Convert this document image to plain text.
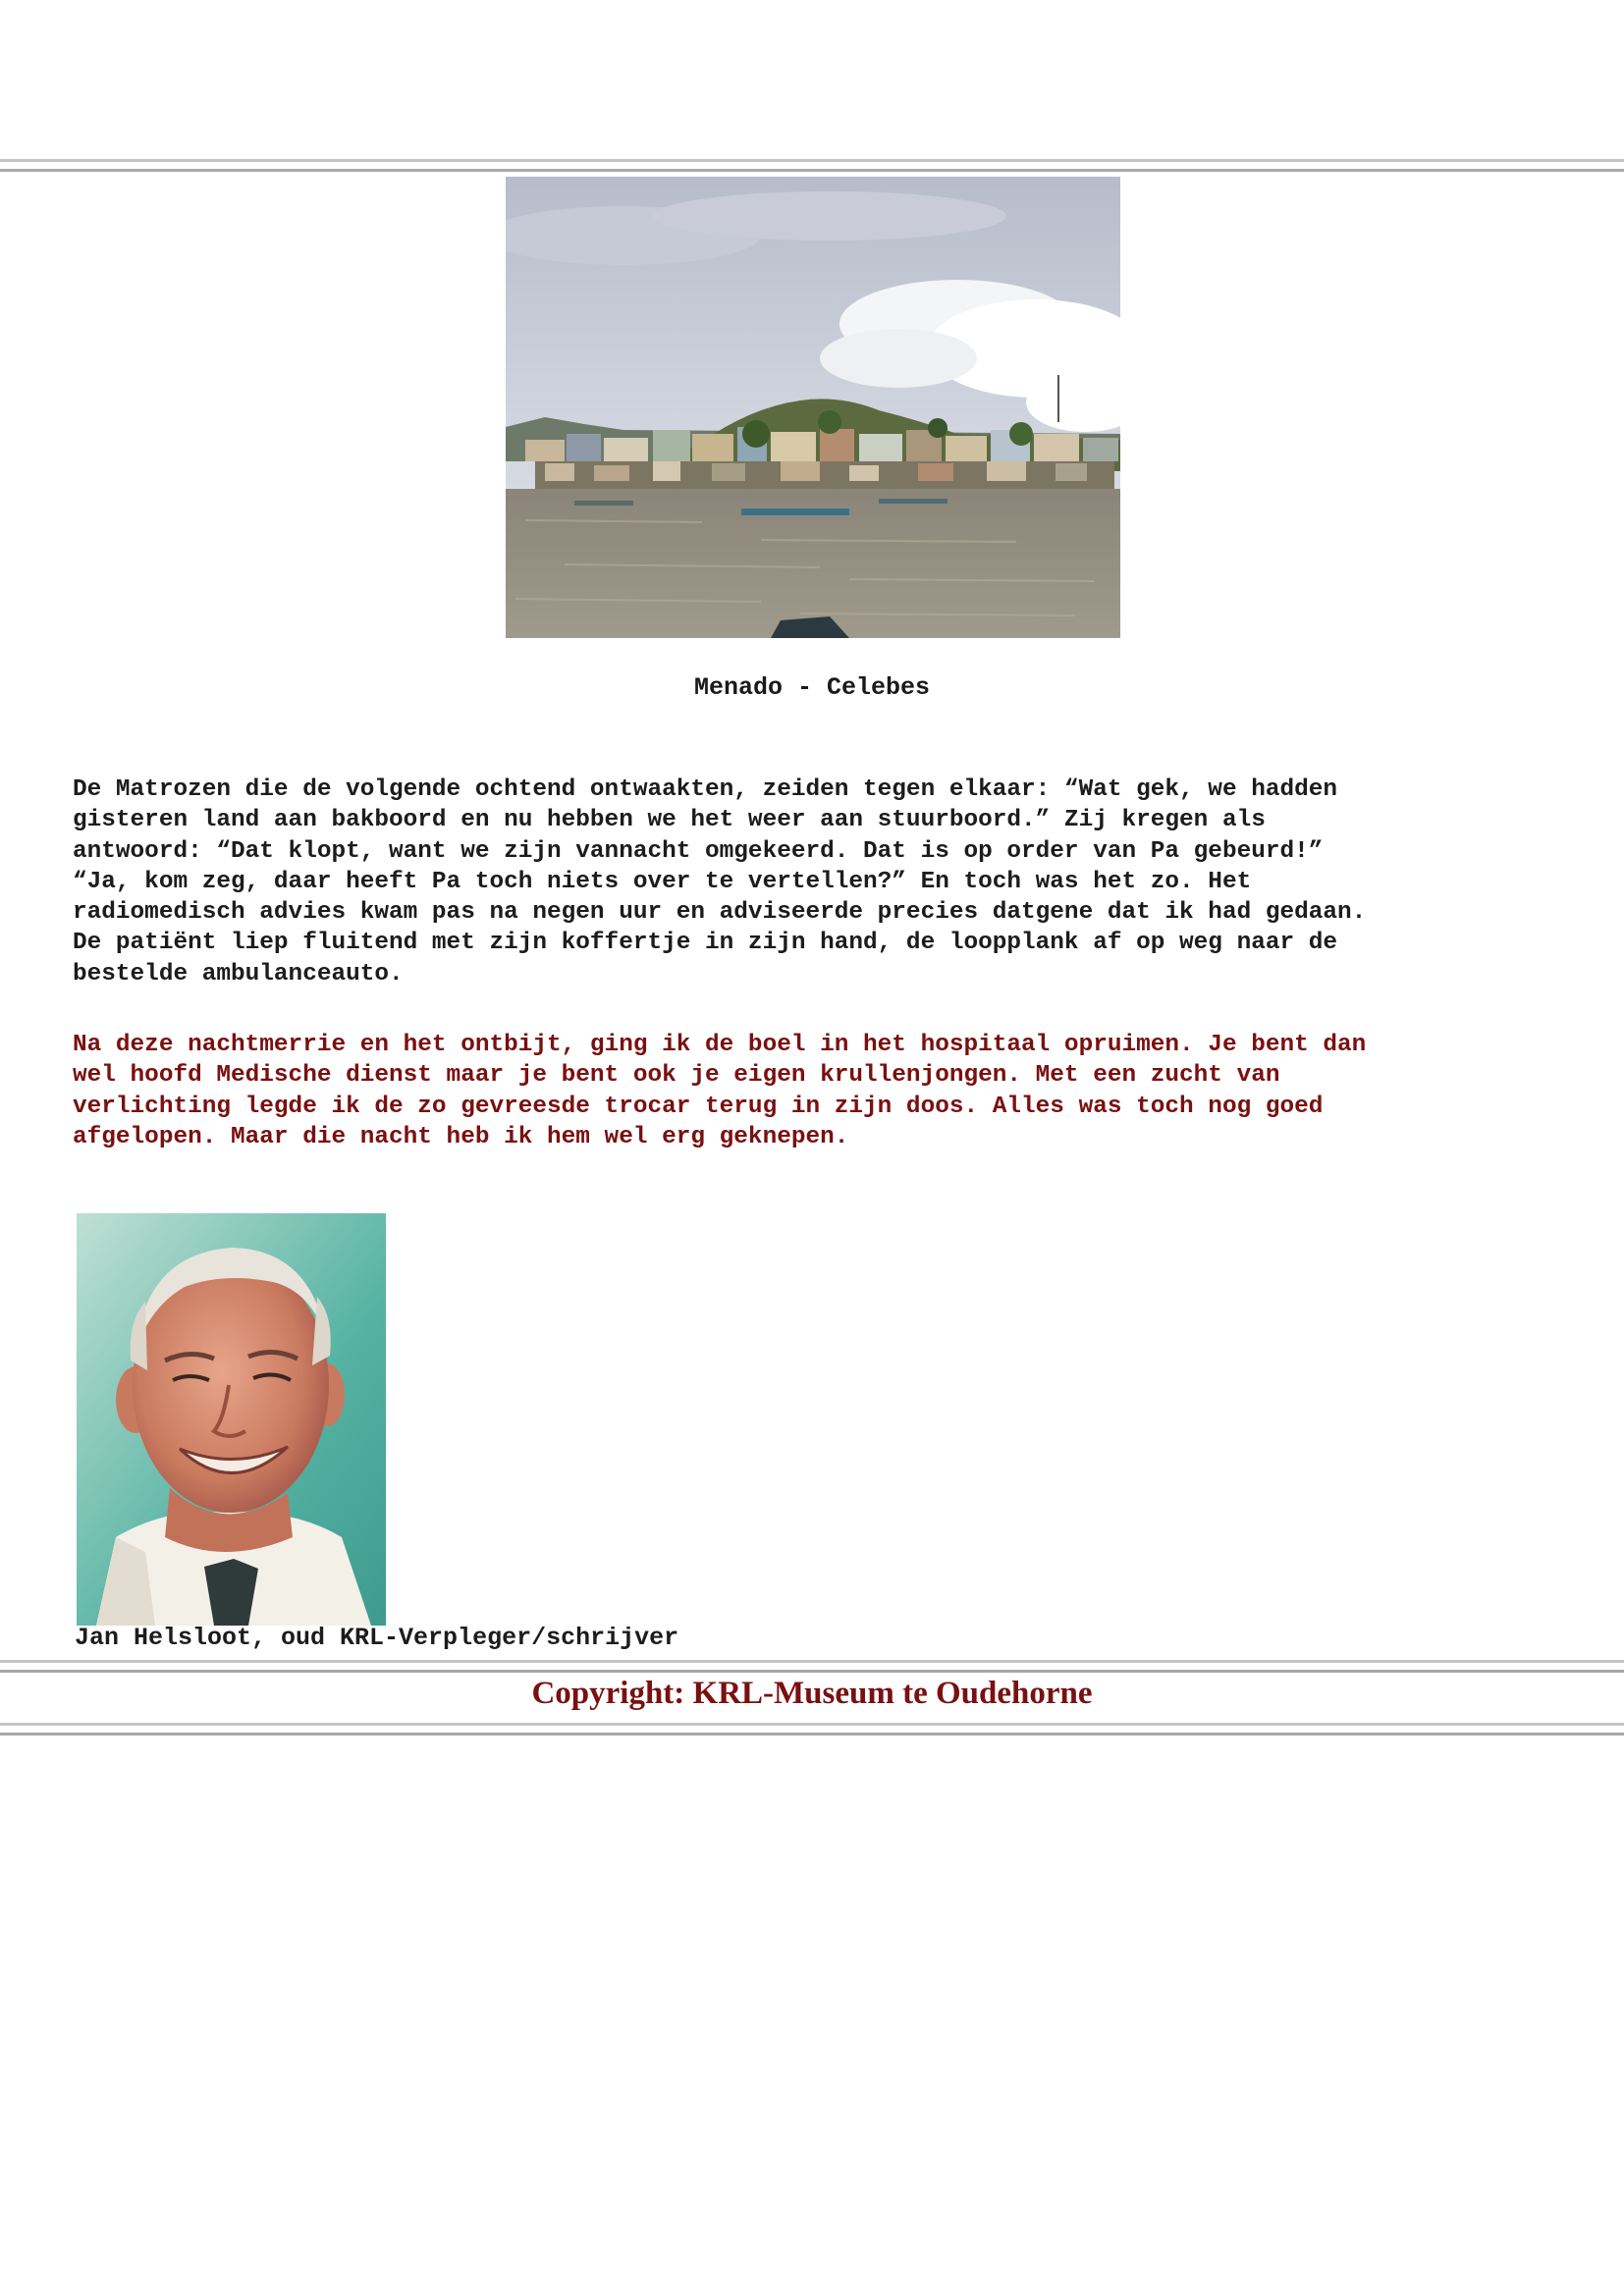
Menado - Celebes
De Matrozen die de volgende ochtend ontwaakten, zeiden tegen elkaar: “Wat gek, we hadden
gisteren land aan bakboord en nu hebben we het weer aan stuurboord.” Zij kregen als
antwoord: “Dat klopt, want we zijn vannacht omgekeerd. Dat is op order van Pa gebeurd!”
“Ja, kom zeg, daar heeft Pa toch niets over te vertellen?” En toch was het zo. Het
radiomedisch advies kwam pas na negen uur en adviseerde precies datgene dat ik had gedaan.
De patiënt liep fluitend met zijn koffertje in zijn hand, de loopplank af op weg naar de
bestelde ambulanceauto.
Na deze nachtmerrie en het ontbijt, ging ik de boel in het hospitaal opruimen. Je bent dan
wel hoofd Medische dienst maar je bent ook je eigen krullenjongen. Met een zucht van
verlichting legde ik de zo gevreesde trocar terug in zijn doos. Alles was toch nog goed
afgelopen. Maar die nacht heb ik hem wel erg geknepen.
Jan Helsloot, oud KRL-Verpleger/schrijver
Copyright: KRL-Museum te Oudehorne
